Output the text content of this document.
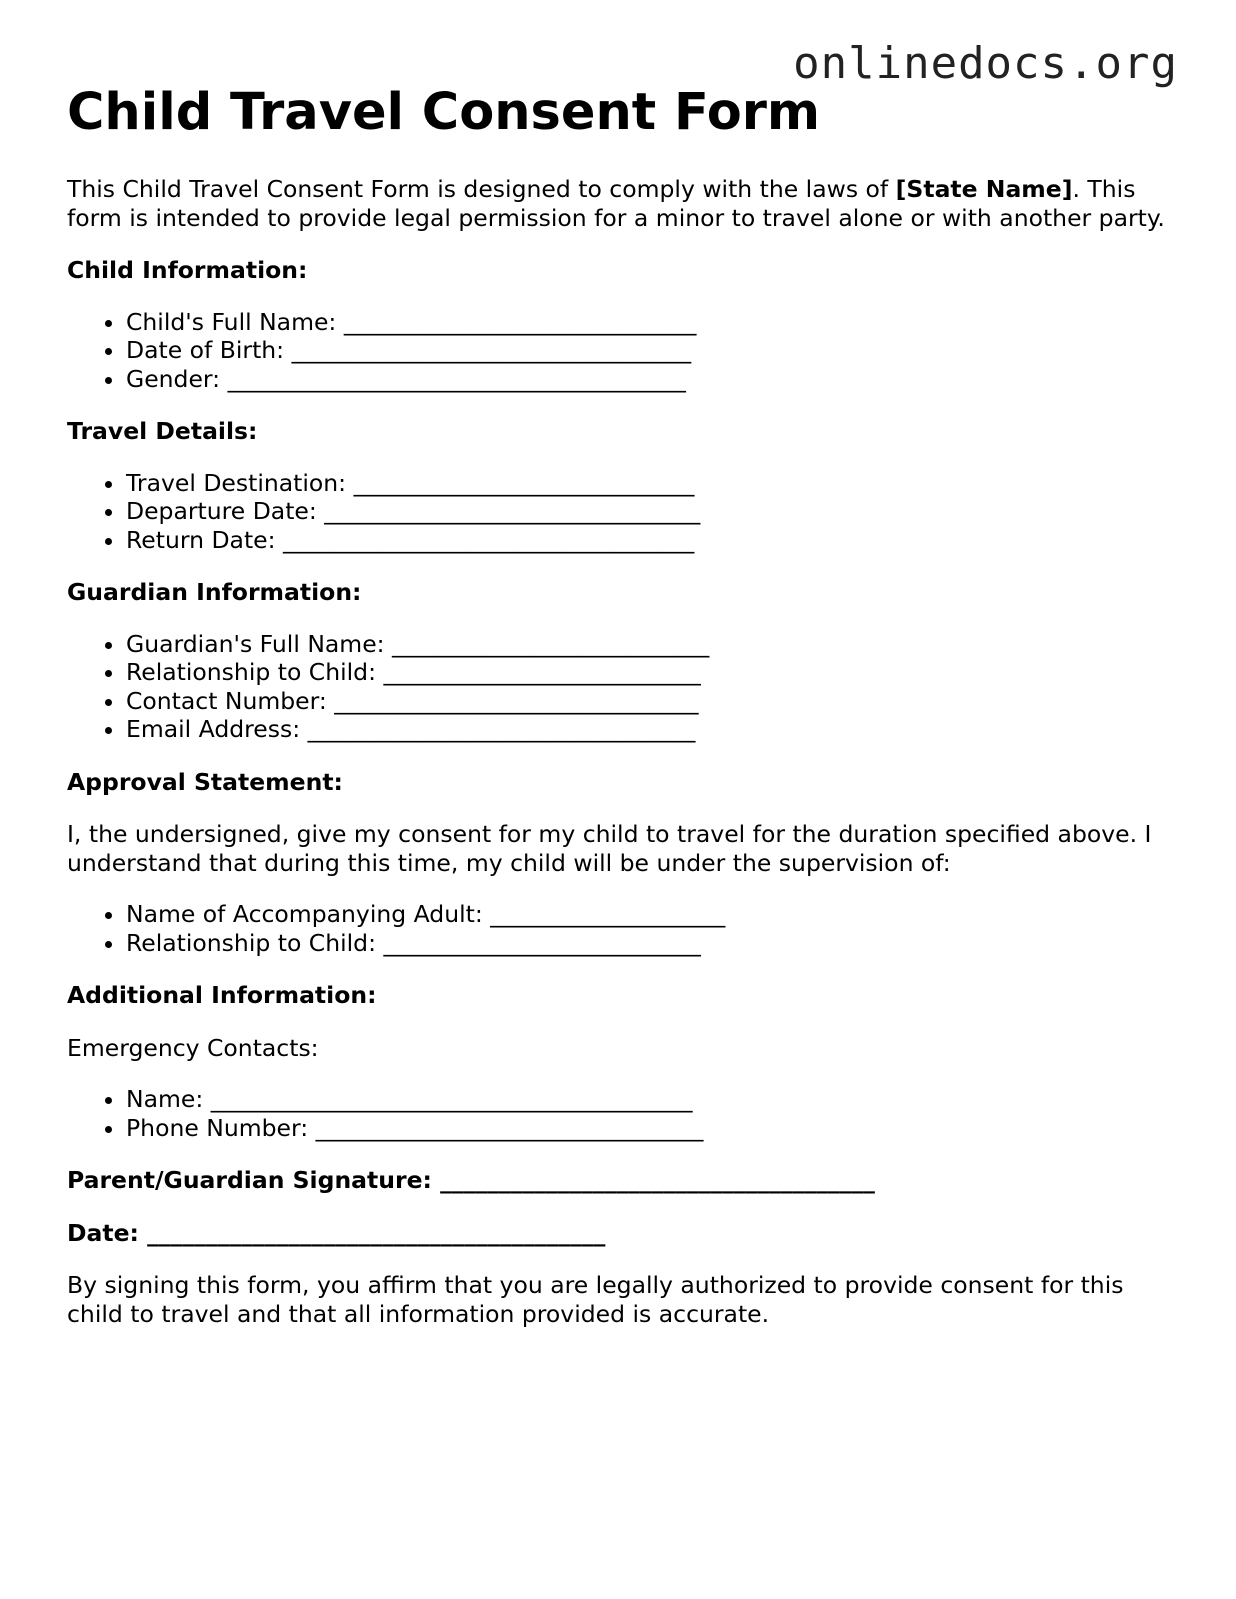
onlinedocs.org
Child Travel Consent Form

This Child Travel Consent Form is designed to comply with the laws of [State Name]. This form is intended to provide legal permission for a minor to travel alone or with another party.

Child Information:

• Child's Full Name: ______________________________
• Date of Birth: __________________________________
• Gender: _______________________________________

Travel Details:

• Travel Destination: _____________________________
• Departure Date: ________________________________
• Return Date: ___________________________________

Guardian Information:

• Guardian's Full Name: ___________________________
• Relationship to Child: ___________________________
• Contact Number: _______________________________
• Email Address: _________________________________

Approval Statement:

I, the undersigned, give my consent for my child to travel for the duration specified above. I understand that during this time, my child will be under the supervision of:

• Name of Accompanying Adult: ____________________
• Relationship to Child: ___________________________

Additional Information:

Emergency Contacts:

• Name: _________________________________________
• Phone Number: _________________________________

Parent/Guardian Signature: _____________________________________

Date: _______________________________________

By signing this form, you affirm that you are legally authorized to provide consent for this child to travel and that all information provided is accurate.
